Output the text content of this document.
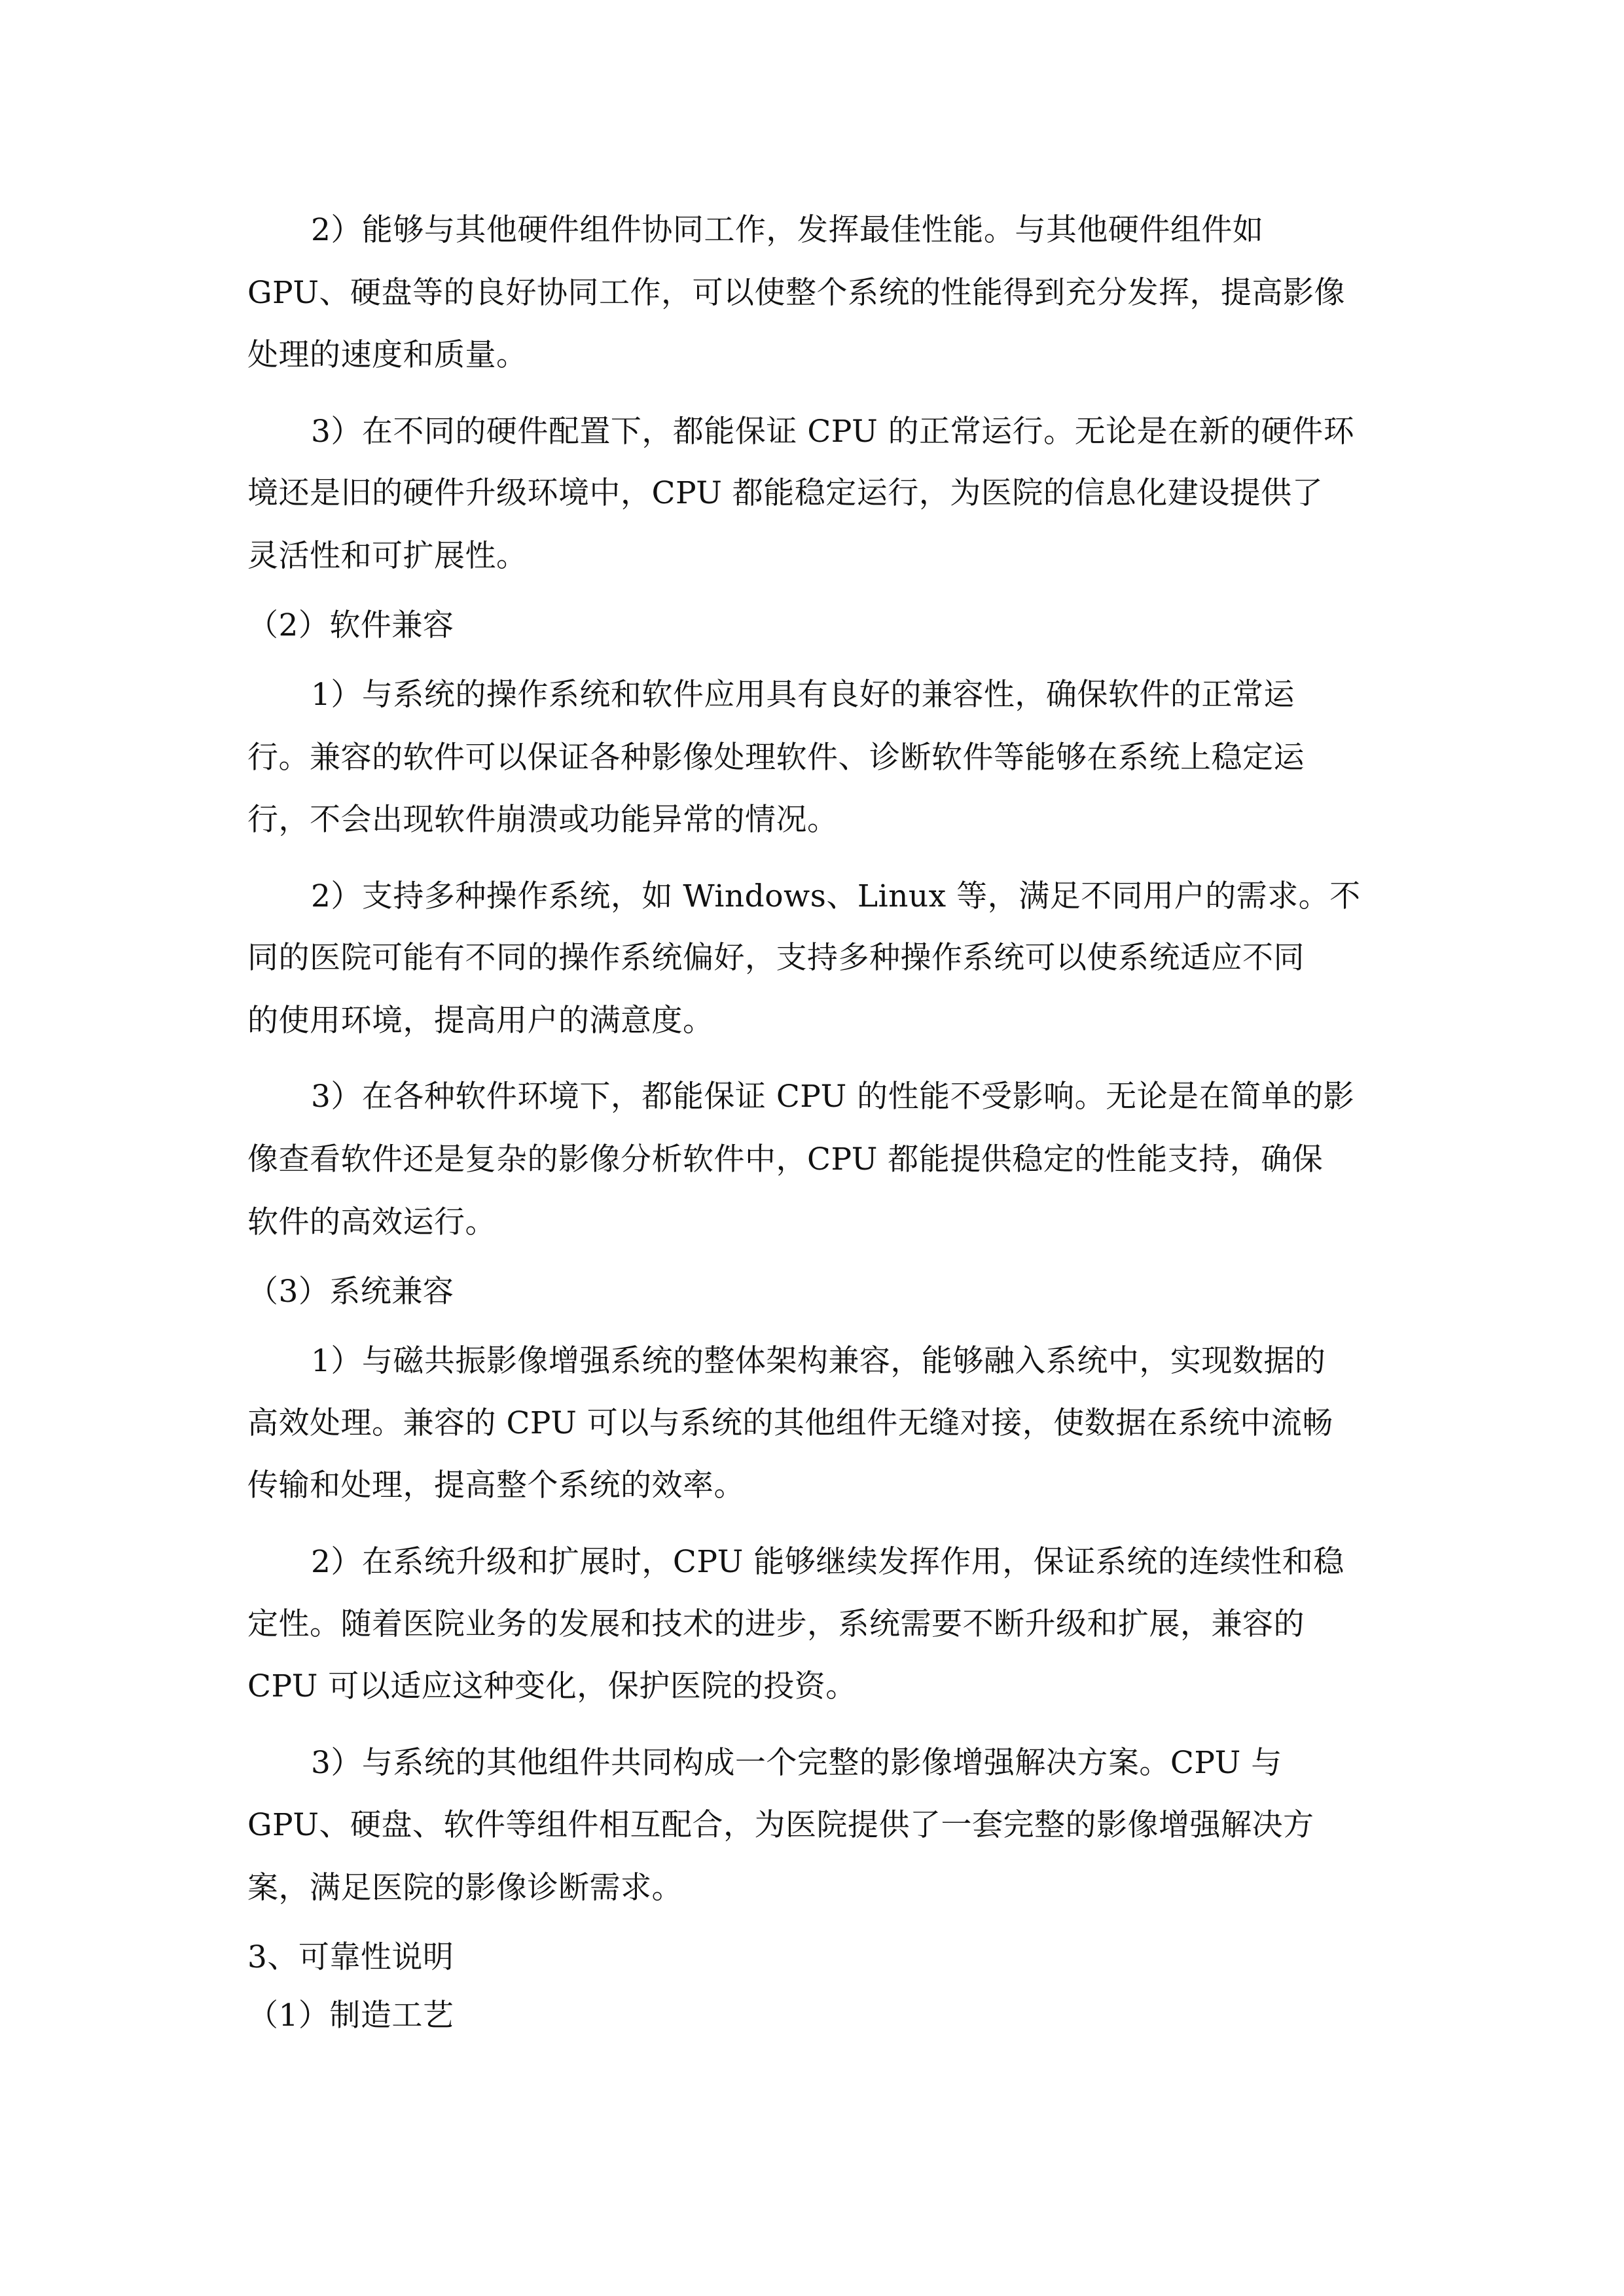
2）能够与其他硬件组件协同工作，发挥最佳性能。与其他硬件组件如
GPU、硬盘等的良好协同工作，可以使整个系统的性能得到充分发挥，提高影像
处理的速度和质量。
3）在不同的硬件配置下，都能保证 CPU 的正常运行。无论是在新的硬件环
境还是旧的硬件升级环境中，CPU 都能稳定运行，为医院的信息化建设提供了
灵活性和可扩展性。
（2）软件兼容
1）与系统的操作系统和软件应用具有良好的兼容性，确保软件的正常运
行。兼容的软件可以保证各种影像处理软件、诊断软件等能够在系统上稳定运
行，不会出现软件崩溃或功能异常的情况。
2）支持多种操作系统，如 Windows、Linux 等，满足不同用户的需求。不
同的医院可能有不同的操作系统偏好，支持多种操作系统可以使系统适应不同
的使用环境，提高用户的满意度。
3）在各种软件环境下，都能保证 CPU 的性能不受影响。无论是在简单的影
像查看软件还是复杂的影像分析软件中，CPU 都能提供稳定的性能支持，确保
软件的高效运行。
（3）系统兼容
1）与磁共振影像增强系统的整体架构兼容，能够融入系统中，实现数据的
高效处理。兼容的 CPU 可以与系统的其他组件无缝对接，使数据在系统中流畅
传输和处理，提高整个系统的效率。
2）在系统升级和扩展时，CPU 能够继续发挥作用，保证系统的连续性和稳
定性。随着医院业务的发展和技术的进步，系统需要不断升级和扩展，兼容的
CPU 可以适应这种变化，保护医院的投资。
3）与系统的其他组件共同构成一个完整的影像增强解决方案。CPU 与
GPU、硬盘、软件等组件相互配合，为医院提供了一套完整的影像增强解决方
案，满足医院的影像诊断需求。
3、可靠性说明
（1）制造工艺
